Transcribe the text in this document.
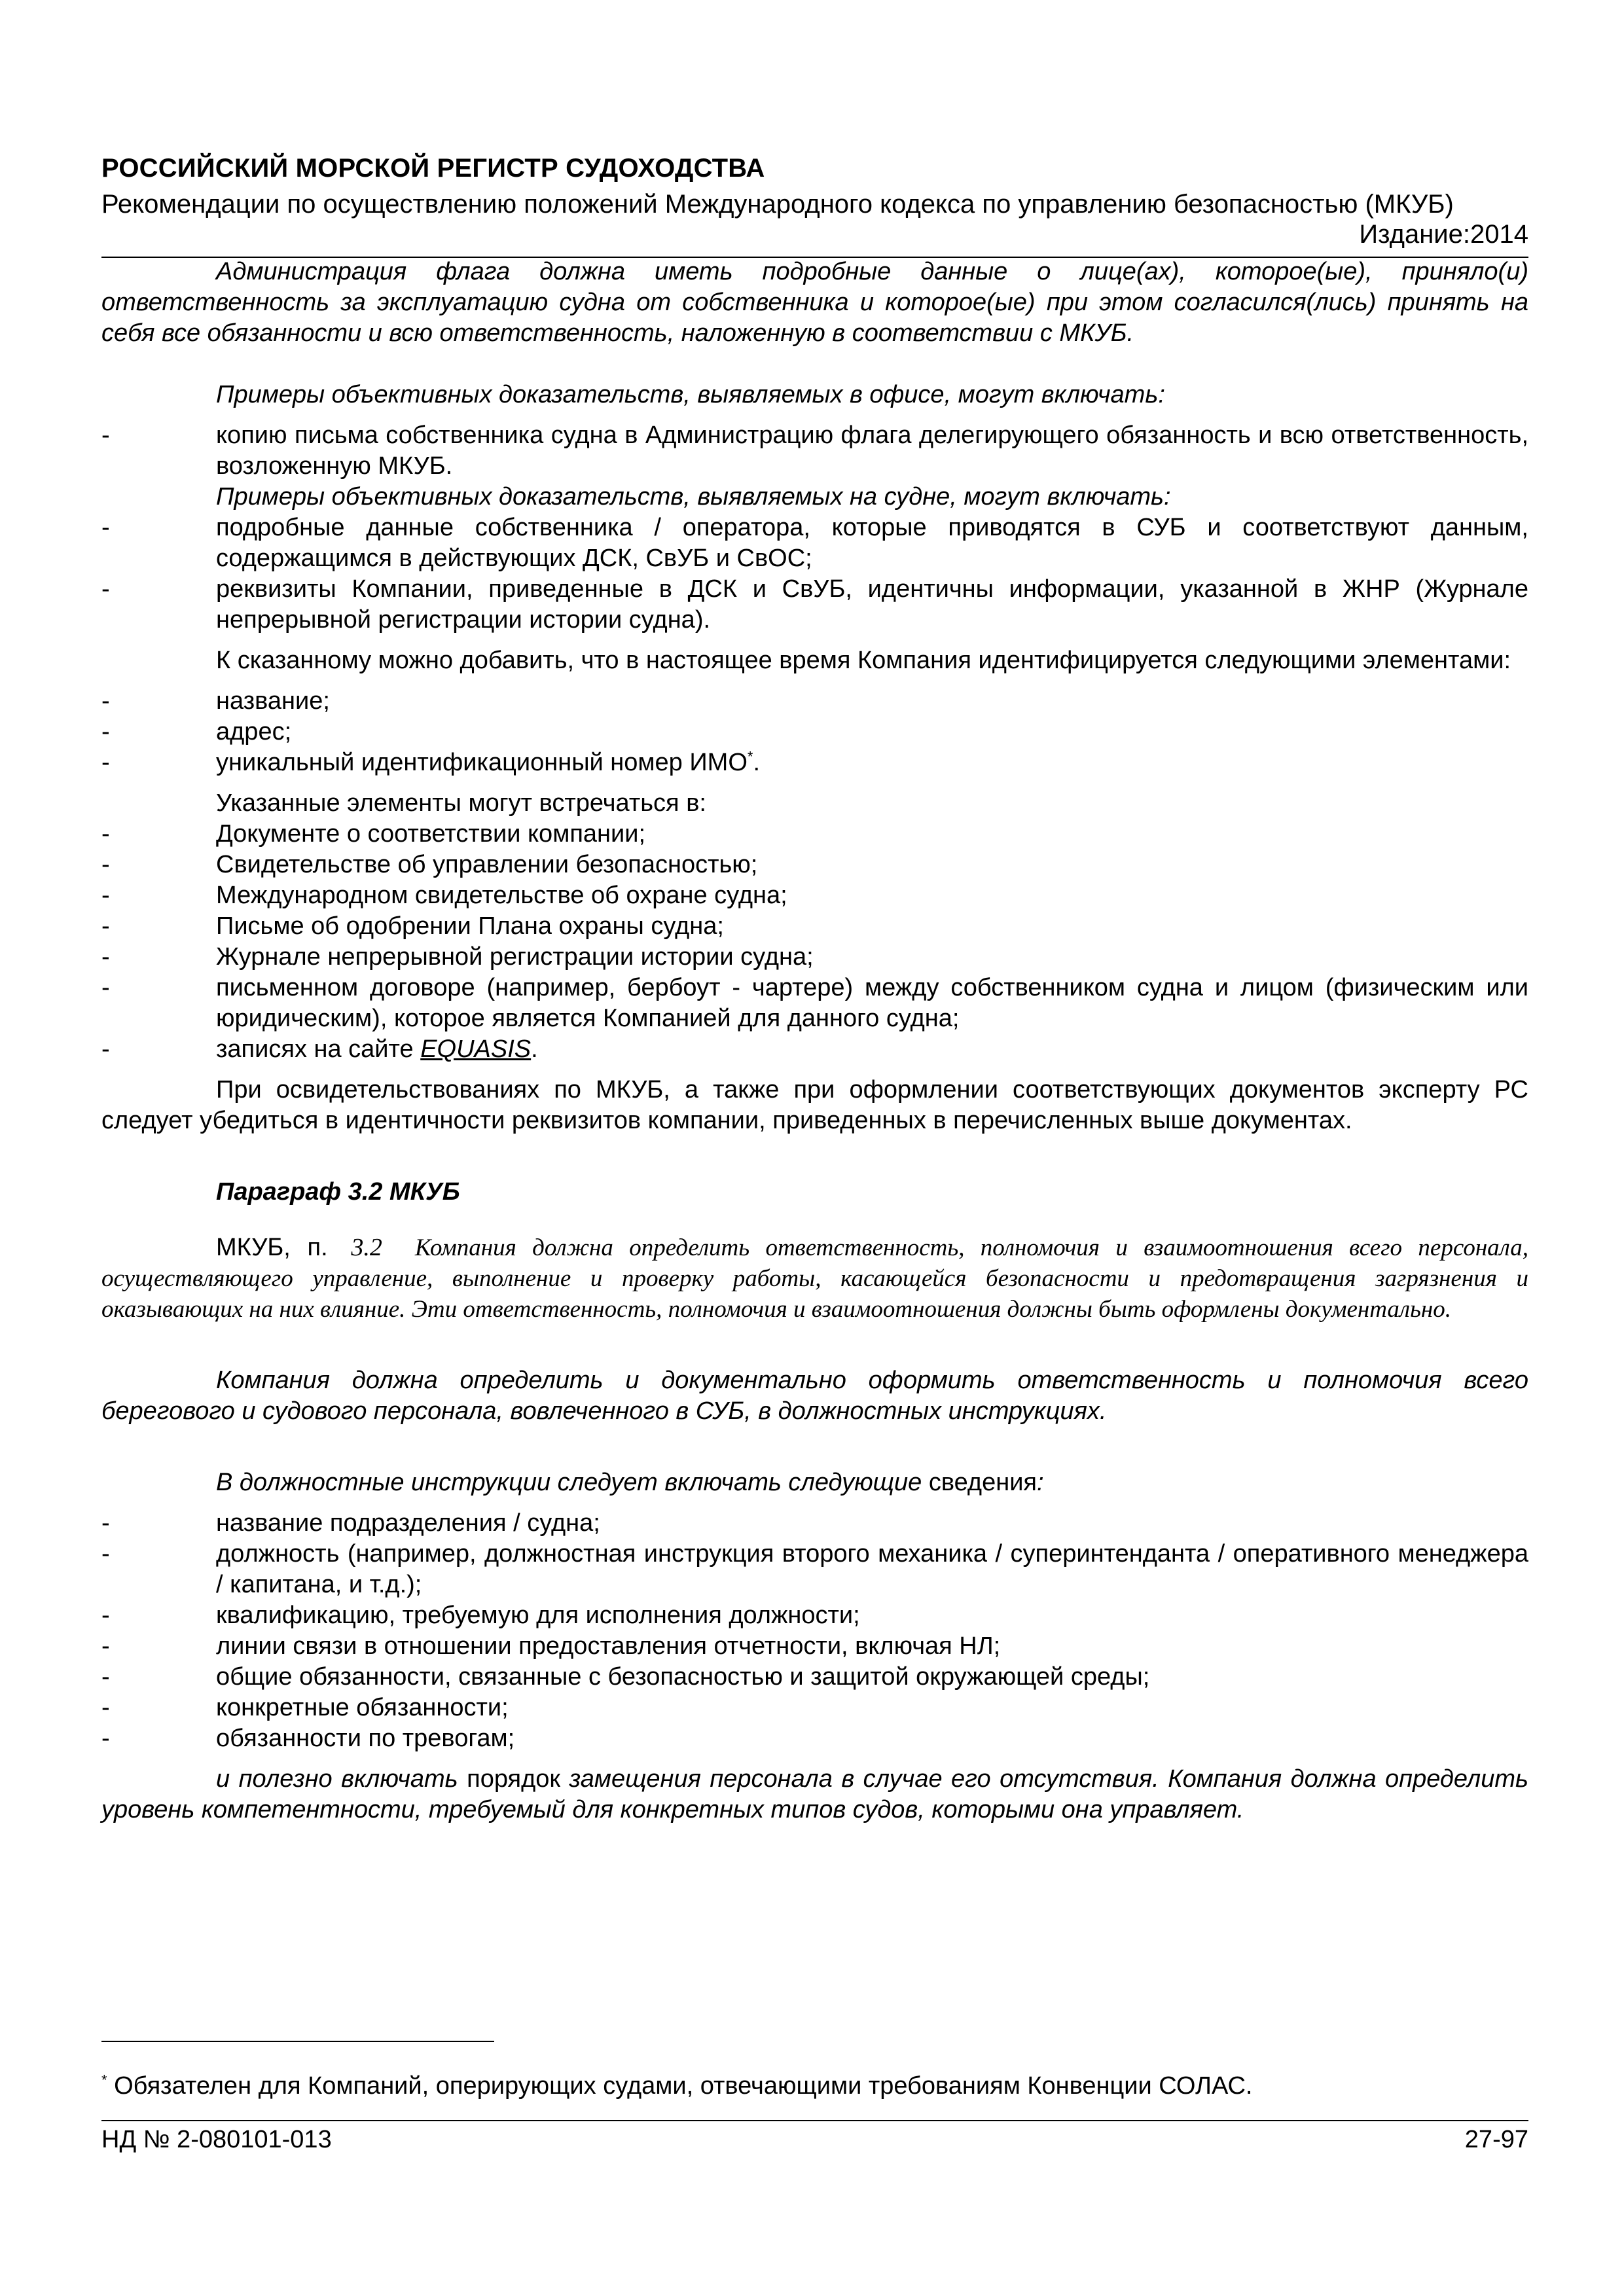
РОССИЙСКИЙ МОРСКОЙ РЕГИСТР СУДОХОДСТВА
Рекомендации по осуществлению положений Международного кодекса по управлению безопасностью (МКУБ)
Издание:2014

Администрация флага должна иметь подробные данные о лице(ах), которое(ые), приняло(и) ответственность за эксплуатацию судна от собственника и которое(ые) при этом согласился(лись) принять на себя все обязанности и всю ответственность, наложенную в соответствии с МКУБ.

Примеры объективных доказательств, выявляемых в офисе, могут включать:

-	копию письма собственника судна в Администрацию флага делегирующего обязанность и всю ответственность, возложенную МКУБ.

Примеры объективных доказательств, выявляемых на судне, могут включать:

-	подробные данные собственника / оператора, которые приводятся в СУБ и соответствуют данным, содержащимся в действующих ДСК, СвУБ и СвОС;
-	реквизиты Компании, приведенные в ДСК и СвУБ, идентичны информации, указанной в ЖНР (Журнале непрерывной регистрации истории судна).

К сказанному можно добавить, что в настоящее время Компания идентифицируется следующими элементами:

-	название;
-	адрес;
-	уникальный идентификационный номер ИМО*.

Указанные элементы могут встречаться в:

-	Документе о соответствии компании;
-	Свидетельстве об управлении безопасностью;
-	Международном свидетельстве об охране судна;
-	Письме об одобрении Плана охраны судна;
-	Журнале непрерывной регистрации истории судна;
-	письменном договоре (например, бербоут - чартере) между собственником судна и лицом (физическим или юридическим), которое является Компанией для данного судна;
-	записях на сайте EQUASIS.

При освидетельствованиях по МКУБ, а также при оформлении соответствующих документов эксперту РС следует убедиться в идентичности реквизитов компании, приведенных в перечисленных выше документах.

Параграф 3.2 МКУБ

МКУБ, п. 3.2 Компания должна определить ответственность, полномочия и взаимоотношения всего персонала, осуществляющего управление, выполнение и проверку работы, касающейся безопасности и предотвращения загрязнения и оказывающих на них влияние. Эти ответственность, полномочия и взаимоотношения должны быть оформлены документально.

Компания должна определить и документально оформить ответственность и полномочия всего берегового и судового персонала, вовлеченного в СУБ, в должностных инструкциях.

В должностные инструкции следует включать следующие сведения:

-	название подразделения / судна;
-	должность (например, должностная инструкция второго механика / суперинтенданта / оперативного менеджера / капитана, и т.д.);
-	квалификацию, требуемую для исполнения должности;
-	линии связи в отношении предоставления отчетности, включая НЛ;
-	общие обязанности, связанные с безопасностью и защитой окружающей среды;
-	конкретные обязанности;
-	обязанности по тревогам;

и полезно включать порядок замещения персонала в случае его отсутствия. Компания должна определить уровень компетентности, требуемый для конкретных типов судов, которыми она управляет.

* Обязателен для Компаний, оперирующих судами, отвечающими требованиям Конвенции СОЛАС.
НД № 2-080101-013	27-97
